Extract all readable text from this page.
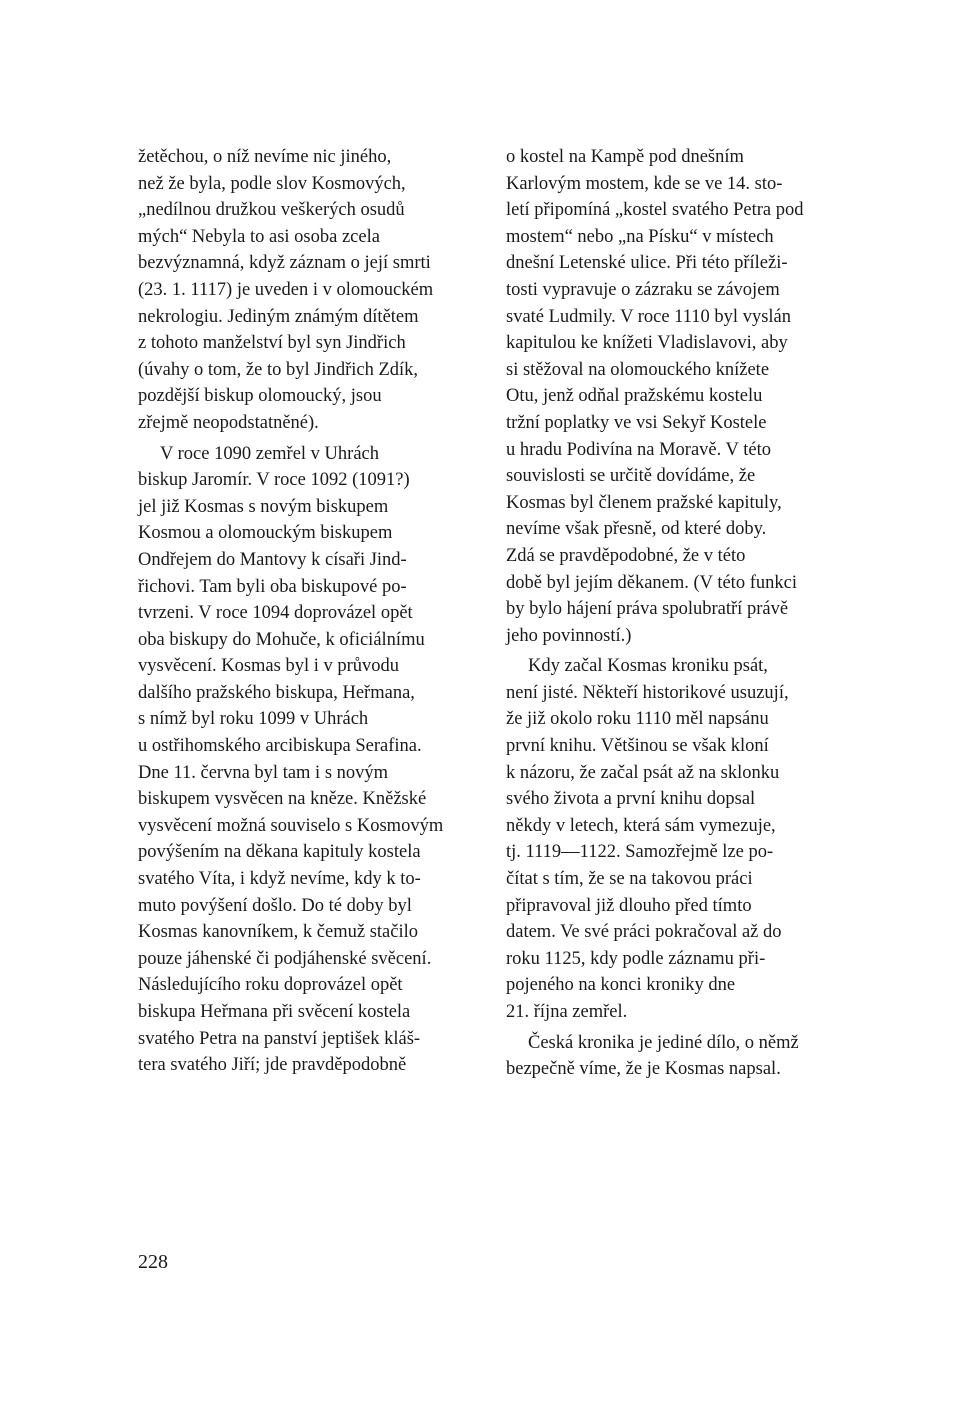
žetěchou, o níž nevíme nic jiného,
než že byla, podle slov Kosmových,
„nedílnou družkou veškerých osudů
mých“ Nebyla to asi osoba zcela
bezvýznamná, když záznam o její smrti
(23. 1. 1117) je uveden i v olomouckém
nekrologiu. Jediným známým dítětem
z tohoto manželství byl syn Jindřich
(úvahy o tom, že to byl Jindřich Zdík,
pozdější biskup olomoucký, jsou
zřejmě neopodstatněné).
V roce 1090 zemřel v Uhrách
biskup Jaromír. V roce 1092 (1091?)
jel již Kosmas s novým biskupem
Kosmou a olomouckým biskupem
Ondřejem do Mantovy k císaři Jind-
řichovi. Tam byli oba biskupové po-
tvrzeni. V roce 1094 doprovázel opět
oba biskupy do Mohuče, k oficiálnímu
vysvěcení. Kosmas byl i v průvodu
dalšího pražského biskupa, Heřmana,
s nímž byl roku 1099 v Uhrách
u ostřihomského arcibiskupa Serafina.
Dne 11. června byl tam i s novým
biskupem vysvěcen na kněze. Kněžské
vysvěcení možná souviselo s Kosmovým
povýšením na děkana kapituly kostela
svatého Víta, i když nevíme, kdy k to-
muto povýšení došlo. Do té doby byl
Kosmas kanovníkem, k čemuž stačilo
pouze jáhenské či podjáhenské svěcení.
Následujícího roku doprovázel opět
biskupa Heřmana při svěcení kostela
svatého Petra na panství jeptišek kláš-
tera svatého Jiří; jde pravděpodobně
o kostel na Kampě pod dnešním
Karlovým mostem, kde se ve 14. sto-
letí připomíná „kostel svatého Petra pod
mostem“ nebo „na Písku“ v místech
dnešní Letenské ulice. Při této příleži-
tosti vypravuje o zázraku se závojem
svaté Ludmily. V roce 1110 byl vyslán
kapitulou ke knížeti Vladislavovi, aby
si stěžoval na olomouckého knížete
Otu, jenž odňal pražskému kostelu
tržní poplatky ve vsi Sekyř Kostele
u hradu Podivína na Moravě. V této
souvislosti se určitě dovídáme, že
Kosmas byl členem pražské kapituly,
nevíme však přesně, od které doby.
Zdá se pravděpodobné, že v této
době byl jejím děkanem. (V této funkci
by bylo hájení práva spolubratří právě
jeho povinností.)
Kdy začal Kosmas kroniku psát,
není jisté. Někteří historikové usuzují,
že již okolo roku 1110 měl napsánu
první knihu. Většinou se však kloní
k názoru, že začal psát až na sklonku
svého života a první knihu dopsal
někdy v letech, která sám vymezuje,
tj. 1119—1122. Samozřejmě lze po-
čítat s tím, že se na takovou práci
připravoval již dlouho před tímto
datem. Ve své práci pokračoval až do
roku 1125, kdy podle záznamu při-
pojeného na konci kroniky dne
21. října zemřel.
Česká kronika je jediné dílo, o němž
bezpečně víme, že je Kosmas napsal.
228
